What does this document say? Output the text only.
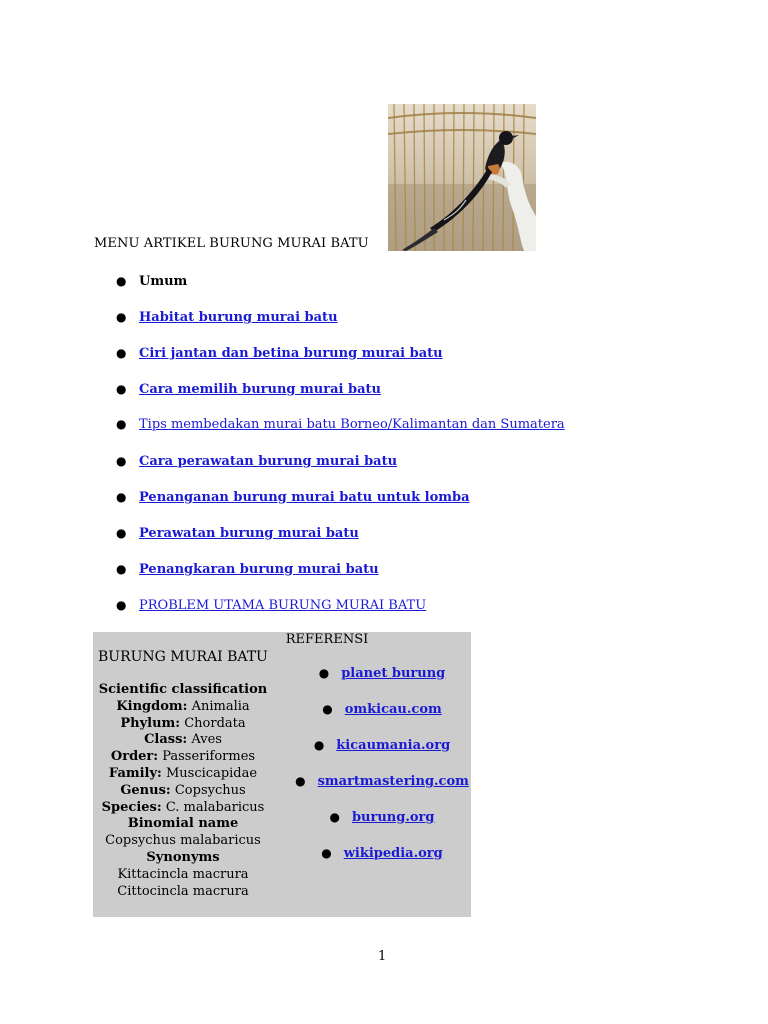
MENU ARTIKEL BURUNG MURAI BATU
● Umum
● Habitat burung murai batu
● Ciri jantan dan betina burung murai batu
● Cara memilih burung murai batu
● Tips membedakan murai batu Borneo/Kalimantan dan Sumatera
● Cara perawatan burung murai batu
● Penanganan burung murai batu untuk lomba
● Perawatan burung murai batu
● Penangkaran burung murai batu
● PROBLEM UTAMA BURUNG MURAI BATU
REFERENSI
BURUNG MURAI BATU
Scientific classification
Kingdom: Animalia
Phylum: Chordata
Class: Aves
Order: Passeriformes
Family: Muscicapidae
Genus: Copsychus
Species: C. malabaricus
Binomial name
Copsychus malabaricus
Synonyms
Kittacincla macrura
Cittocincla macrura
● planet burung
● omkicau.com
● kicaumania.org
● smartmastering.com
● burung.org
● wikipedia.org
1
